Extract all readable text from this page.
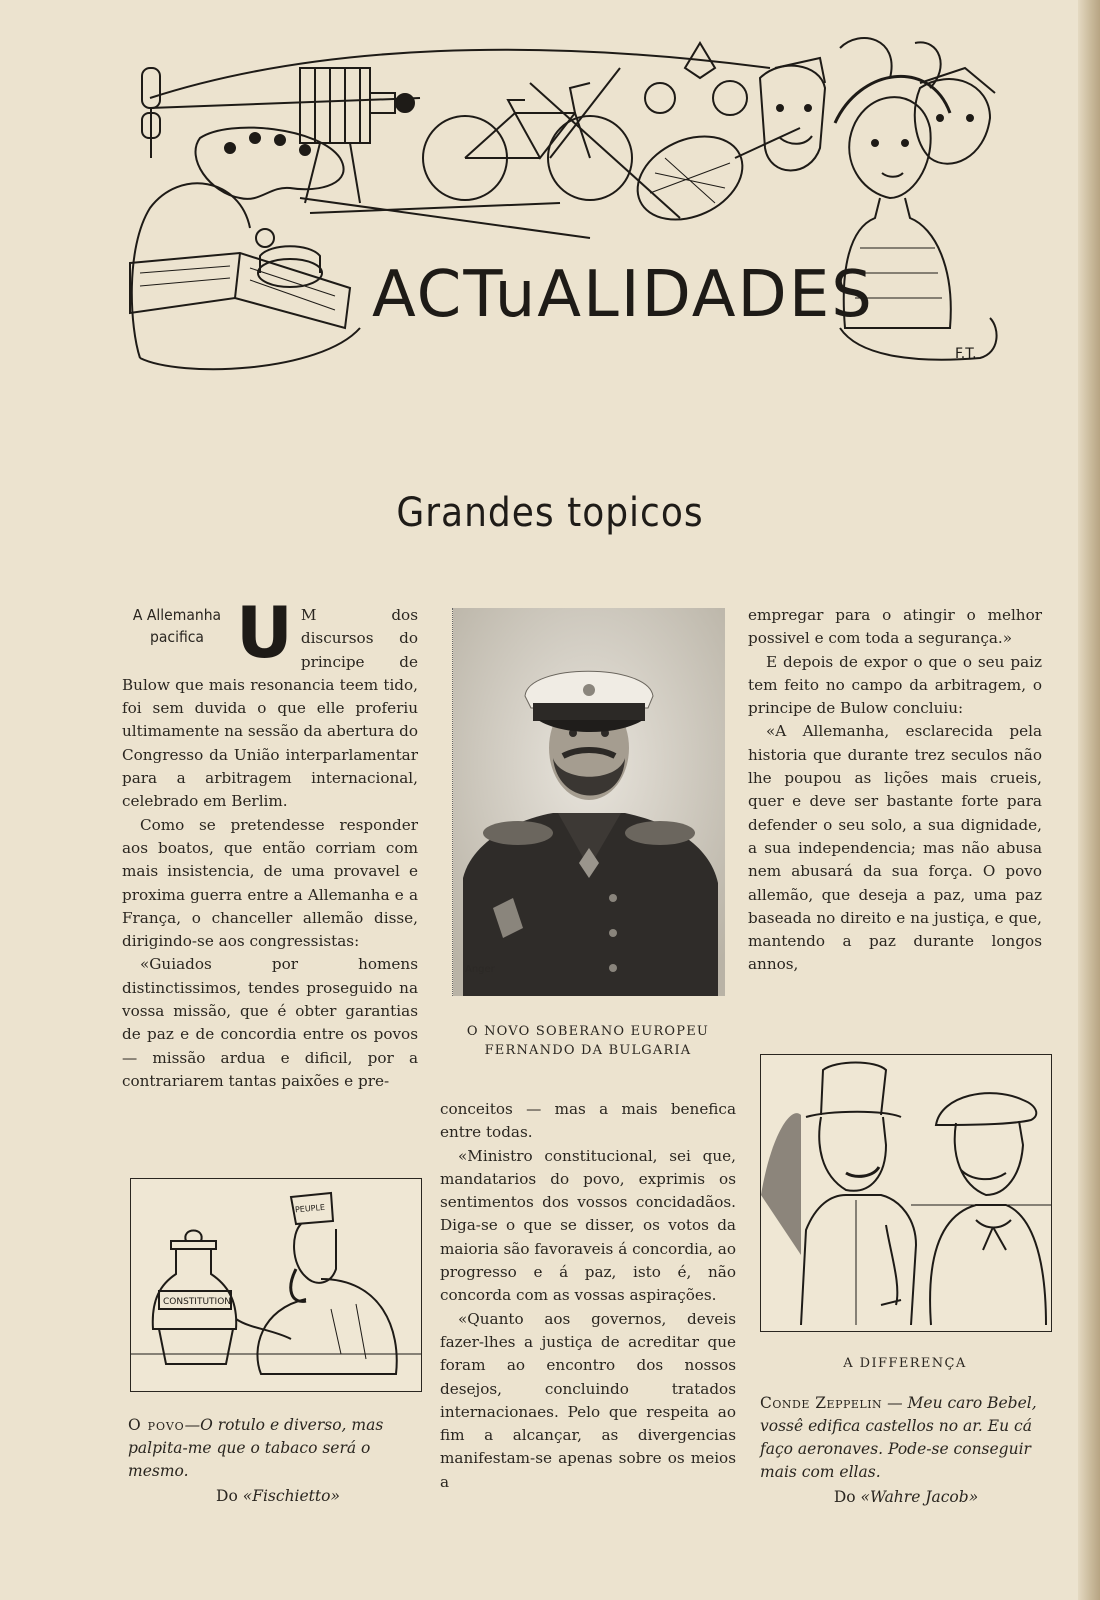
F.T.
ACTuALIDADES
Grandes topicos
A Allemanha pacifica U M dos discursos do principe de Bulow que mais resonancia teem tido, foi sem duvida o que elle proferiu ultimamente na sessão da abertura do Congresso da União interparlamentar para a arbitragem internacional, celebrado em Berlim.

Como se pretendesse responder aos boatos, que então corriam com mais insistencia, de uma provavel e proxima guerra entre a Allemanha e a França, o chanceller allemão disse, dirigindo-se aos congressistas:

«Guiados por homens distinctissimos, tendes proseguido na vossa missão, que é obter garantias de paz e de concordia entre os povos — missão ardua e dificil, por a contrariarem tantas paixões e pre-

Anger
O NOVO SOBERANO EUROPEU
FERNANDO DA BULGARIA

conceitos — mas a mais benefica entre todas.

«Ministro constitucional, sei que, mandatarios do povo, exprimis os sentimentos dos vossos concidadãos. Diga-se o que se disser, os votos da maioria são favoraveis á concordia, ao progresso e á paz, isto é, não concorda com as vossas aspirações.

«Quanto aos governos, deveis fazer-lhes a justiça de acreditar que foram ao encontro dos nossos desejos, concluindo tratados internacionaes. Pelo que respeita ao fim a alcançar, as divergencias manifestam-se apenas sobre os meios a

empregar para o atingir o melhor possivel e com toda a segurança.»

E depois de expor o que o seu paiz tem feito no campo da arbitragem, o principe de Bulow concluiu:

«A Allemanha, esclarecida pela historia que durante trez seculos não lhe poupou as lições mais crueis, quer e deve ser bastante forte para defender o seu solo, a sua dignidade, a sua independencia; mas não abusa nem abusará da sua força. O povo allemão, que deseja a paz, uma paz baseada no direito e na justiça, e que, mantendo a paz durante longos annos,

CONSTITUTION
PEUPLE
O povo—O rotulo e diverso, mas palpita-me que o tabaco será o mesmo.
Do «Fischietto»
A DIFFERENÇA
Conde Zeppelin — Meu caro Bebel, vossê edifica castellos no ar. Eu cá faço aeronaves. Pode-se conseguir mais com ellas.
Do «Wahre Jacob»
